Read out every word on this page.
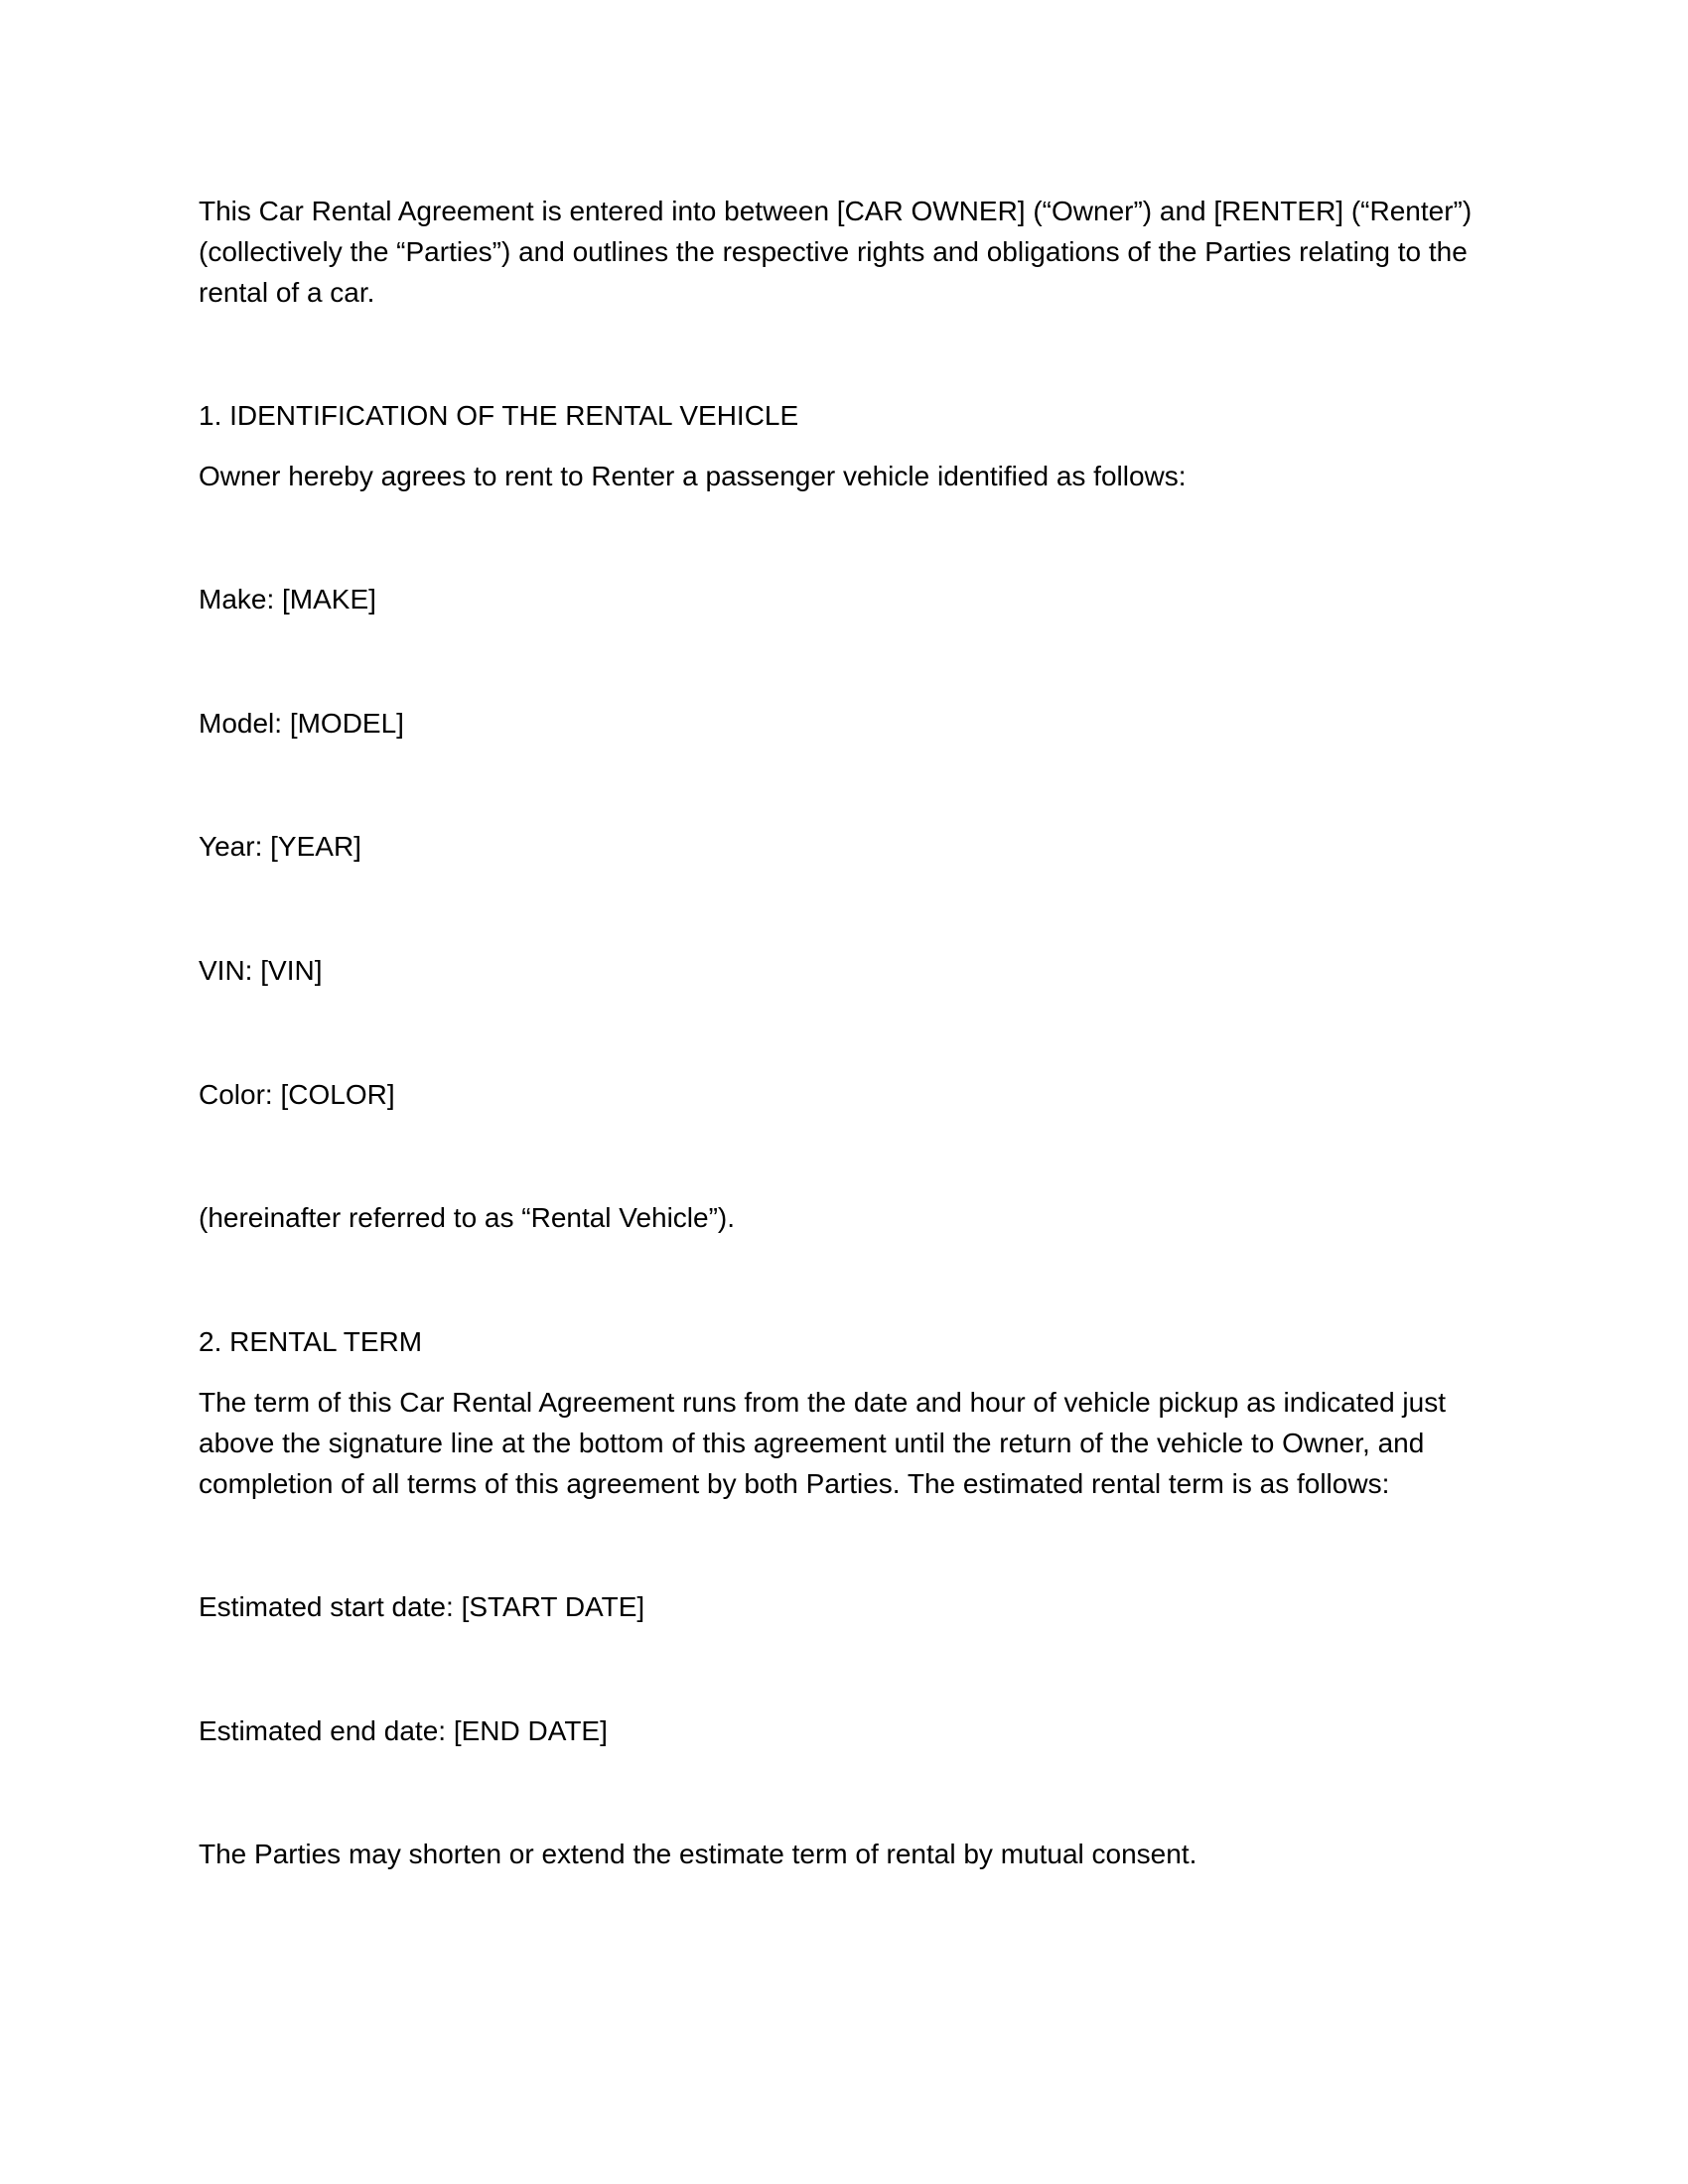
This Car Rental Agreement is entered into between [CAR OWNER] (“Owner”) and [RENTER] (“Renter”) (collectively the “Parties”) and outlines the respective rights and obligations of the Parties relating to the rental of a car.

1. IDENTIFICATION OF THE RENTAL VEHICLE

Owner hereby agrees to rent to Renter a passenger vehicle identified as follows:

Make: [MAKE]

Model: [MODEL]

Year: [YEAR]

VIN: [VIN]

Color: [COLOR]

(hereinafter referred to as “Rental Vehicle”).

2. RENTAL TERM

The term of this Car Rental Agreement runs from the date and hour of vehicle pickup as indicated just above the signature line at the bottom of this agreement until the return of the vehicle to Owner, and completion of all terms of this agreement by both Parties. The estimated rental term is as follows:

Estimated start date: [START DATE]

Estimated end date: [END DATE]

The Parties may shorten or extend the estimate term of rental by mutual consent.
